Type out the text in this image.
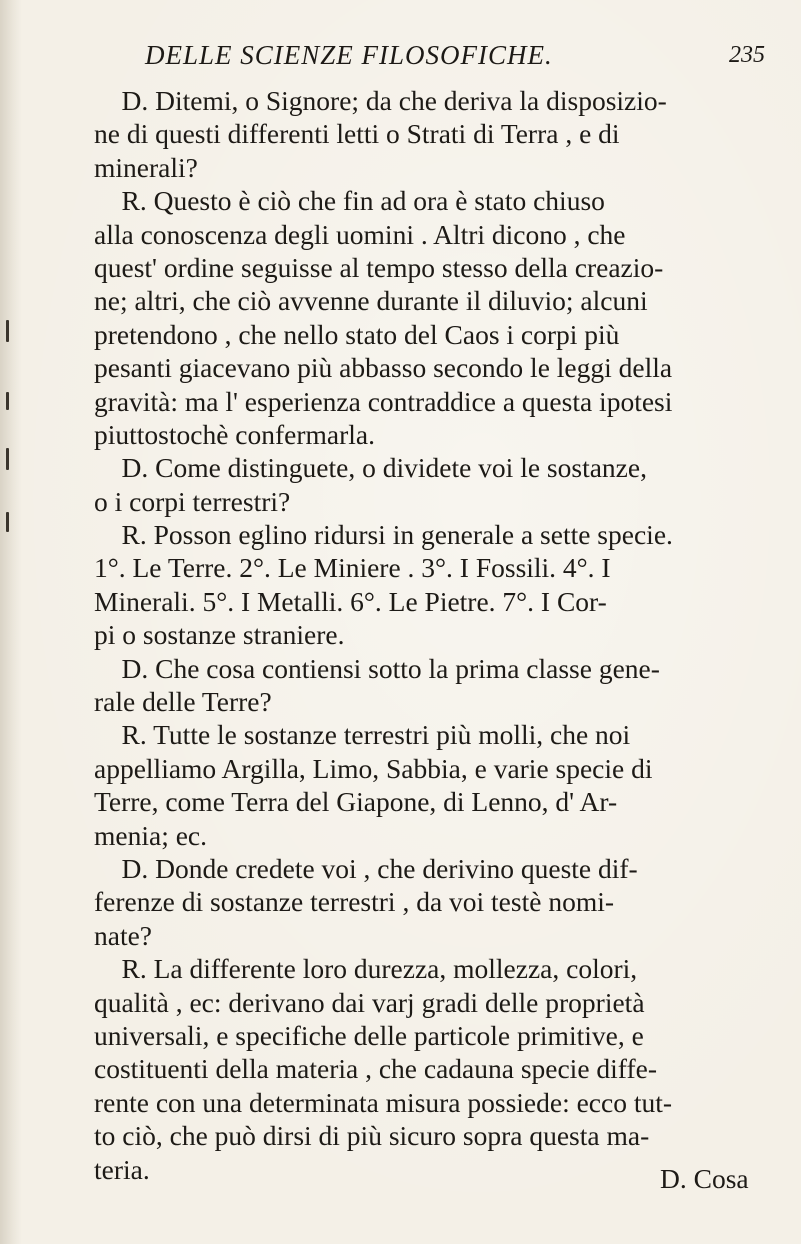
DELLE SCIENZE FILOSOFICHE.	235
D. Ditemi, o Signore; da che deriva la disposizio-
ne di questi differenti letti o Strati di Terra , e di
minerali?
R. Questo è ciò che fin ad ora è stato chiuso
alla conoscenza degli uomini . Altri dicono , che
quest' ordine seguisse al tempo stesso della creazio-
ne; altri, che ciò avvenne durante il diluvio; alcuni
pretendono , che nello stato del Caos i corpi più
pesanti giacevano più abbasso secondo le leggi della
gravità: ma l' esperienza contraddice a questa ipotesi
piuttostochè confermarla.
D. Come distinguete, o dividete voi le sostanze,
o i corpi terrestri?
R. Posson eglino ridursi in generale a sette specie.
1°. Le Terre. 2°. Le Miniere . 3°. I Fossili. 4°. I
Minerali. 5°. I Metalli. 6°. Le Pietre. 7°. I Cor-
pi o sostanze straniere.
D. Che cosa contiensi sotto la prima classe gene-
rale delle Terre?
R. Tutte le sostanze terrestri più molli, che noi
appelliamo Argilla, Limo, Sabbia, e varie specie di
Terre, come Terra del Giapone, di Lenno, d' Ar-
menia; ec.
D. Donde credete voi , che derivino queste dif-
ferenze di sostanze terrestri , da voi testè nomi-
nate?
R. La differente loro durezza, mollezza, colori,
qualità , ec: derivano dai varj gradi delle proprietà
universali, e specifiche delle particole primitive, e
costituenti della materia , che cadauna specie diffe-
rente con una determinata misura possiede: ecco tut-
to ciò, che può dirsi di più sicuro sopra questa ma-
teria.	D. Cosa
